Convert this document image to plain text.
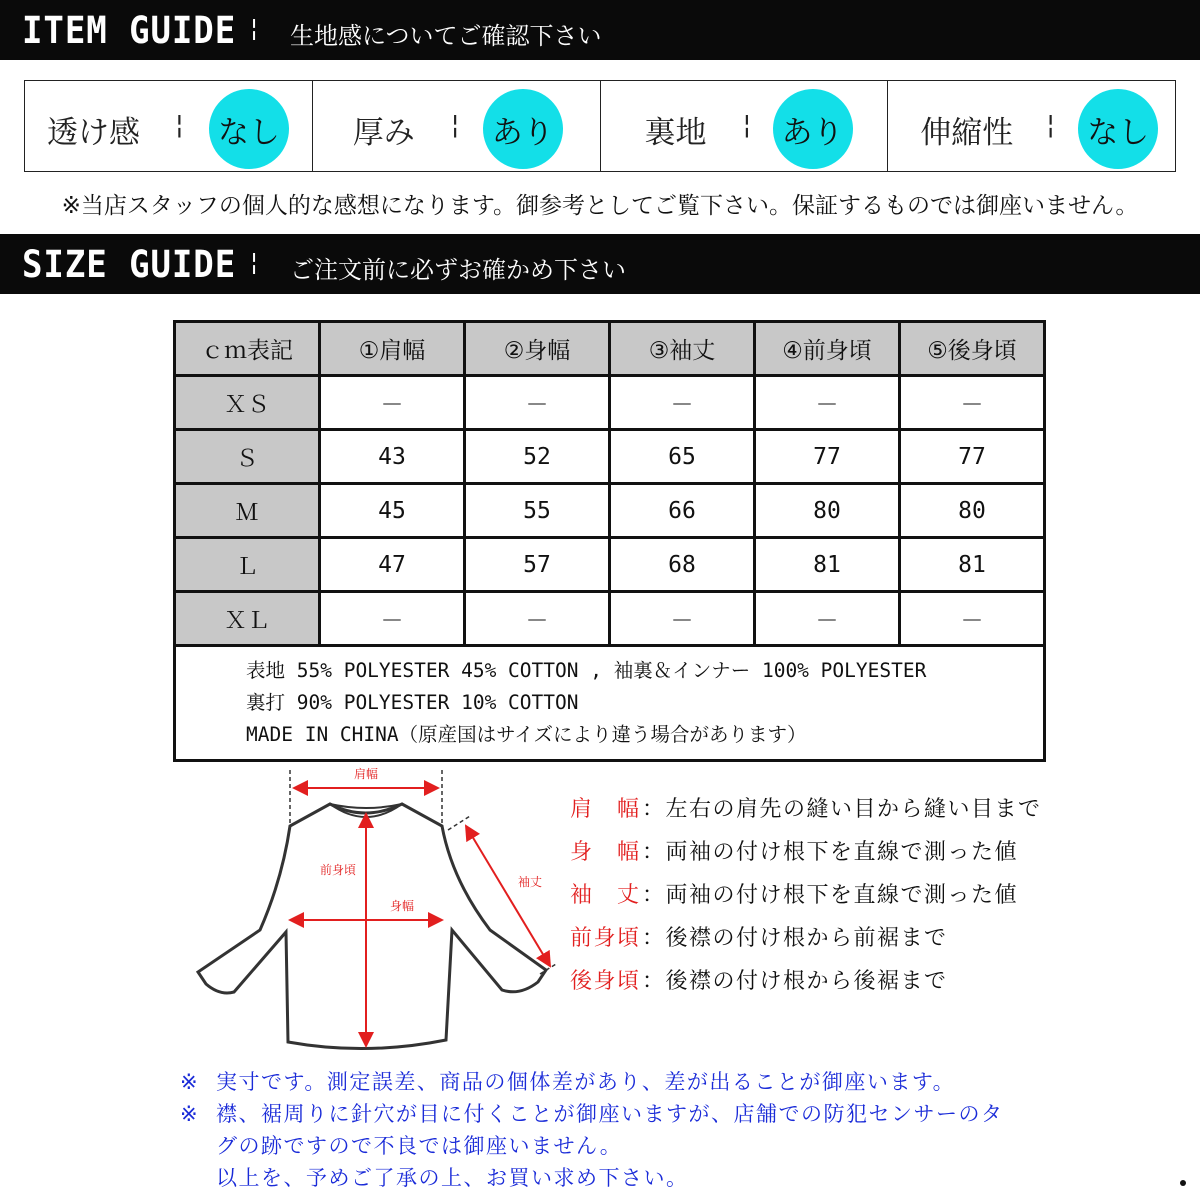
ITEM GUIDE ¦ 生地感についてご確認下さい
透け感 ¦ なし 厚み ¦ あり	裏地 ¦ あり 伸縮性 ¦ なし
※当店スタッフの個人的な感想になります。御参考としてご覧下さい。保証するものでは御座いません。
SIZE GUIDE ¦ ご注文前に必ずお確かめ下さい
ｃｍ表記	①肩幅	②身幅	③袖丈	④前身頃	⑤後身頃
ＸＳ	－	－	－	－	－
Ｓ	43	52	65	77	77
Ｍ	45	55	66	80	80
Ｌ	47	57	68	81	81
ＸＬ	－	－	－	－	－

表地 55% POLYESTER 45% COTTON , 袖裏＆インナー 100% POLYESTER
裏打 90% POLYESTER 10% COTTON
MADE IN CHINA（原産国はサイズにより違う場合があります）					
肩幅
前身頃
身幅
袖丈
肩　幅：左右の肩先の縫い目から縫い目まで
身　幅：両袖の付け根下を直線で測った値
袖　丈：両袖の付け根下を直線で測った値
前身頃：後襟の付け根から前裾まで
後身頃：後襟の付け根から後裾まで
※ 実寸です。測定誤差、商品の個体差があり、差が出ることが御座います。
※ 襟、裾周りに針穴が目に付くことが御座いますが、店舗での防犯センサーのタ
グの跡ですので不良では御座いません。
以上を、予めご了承の上、お買い求め下さい。
